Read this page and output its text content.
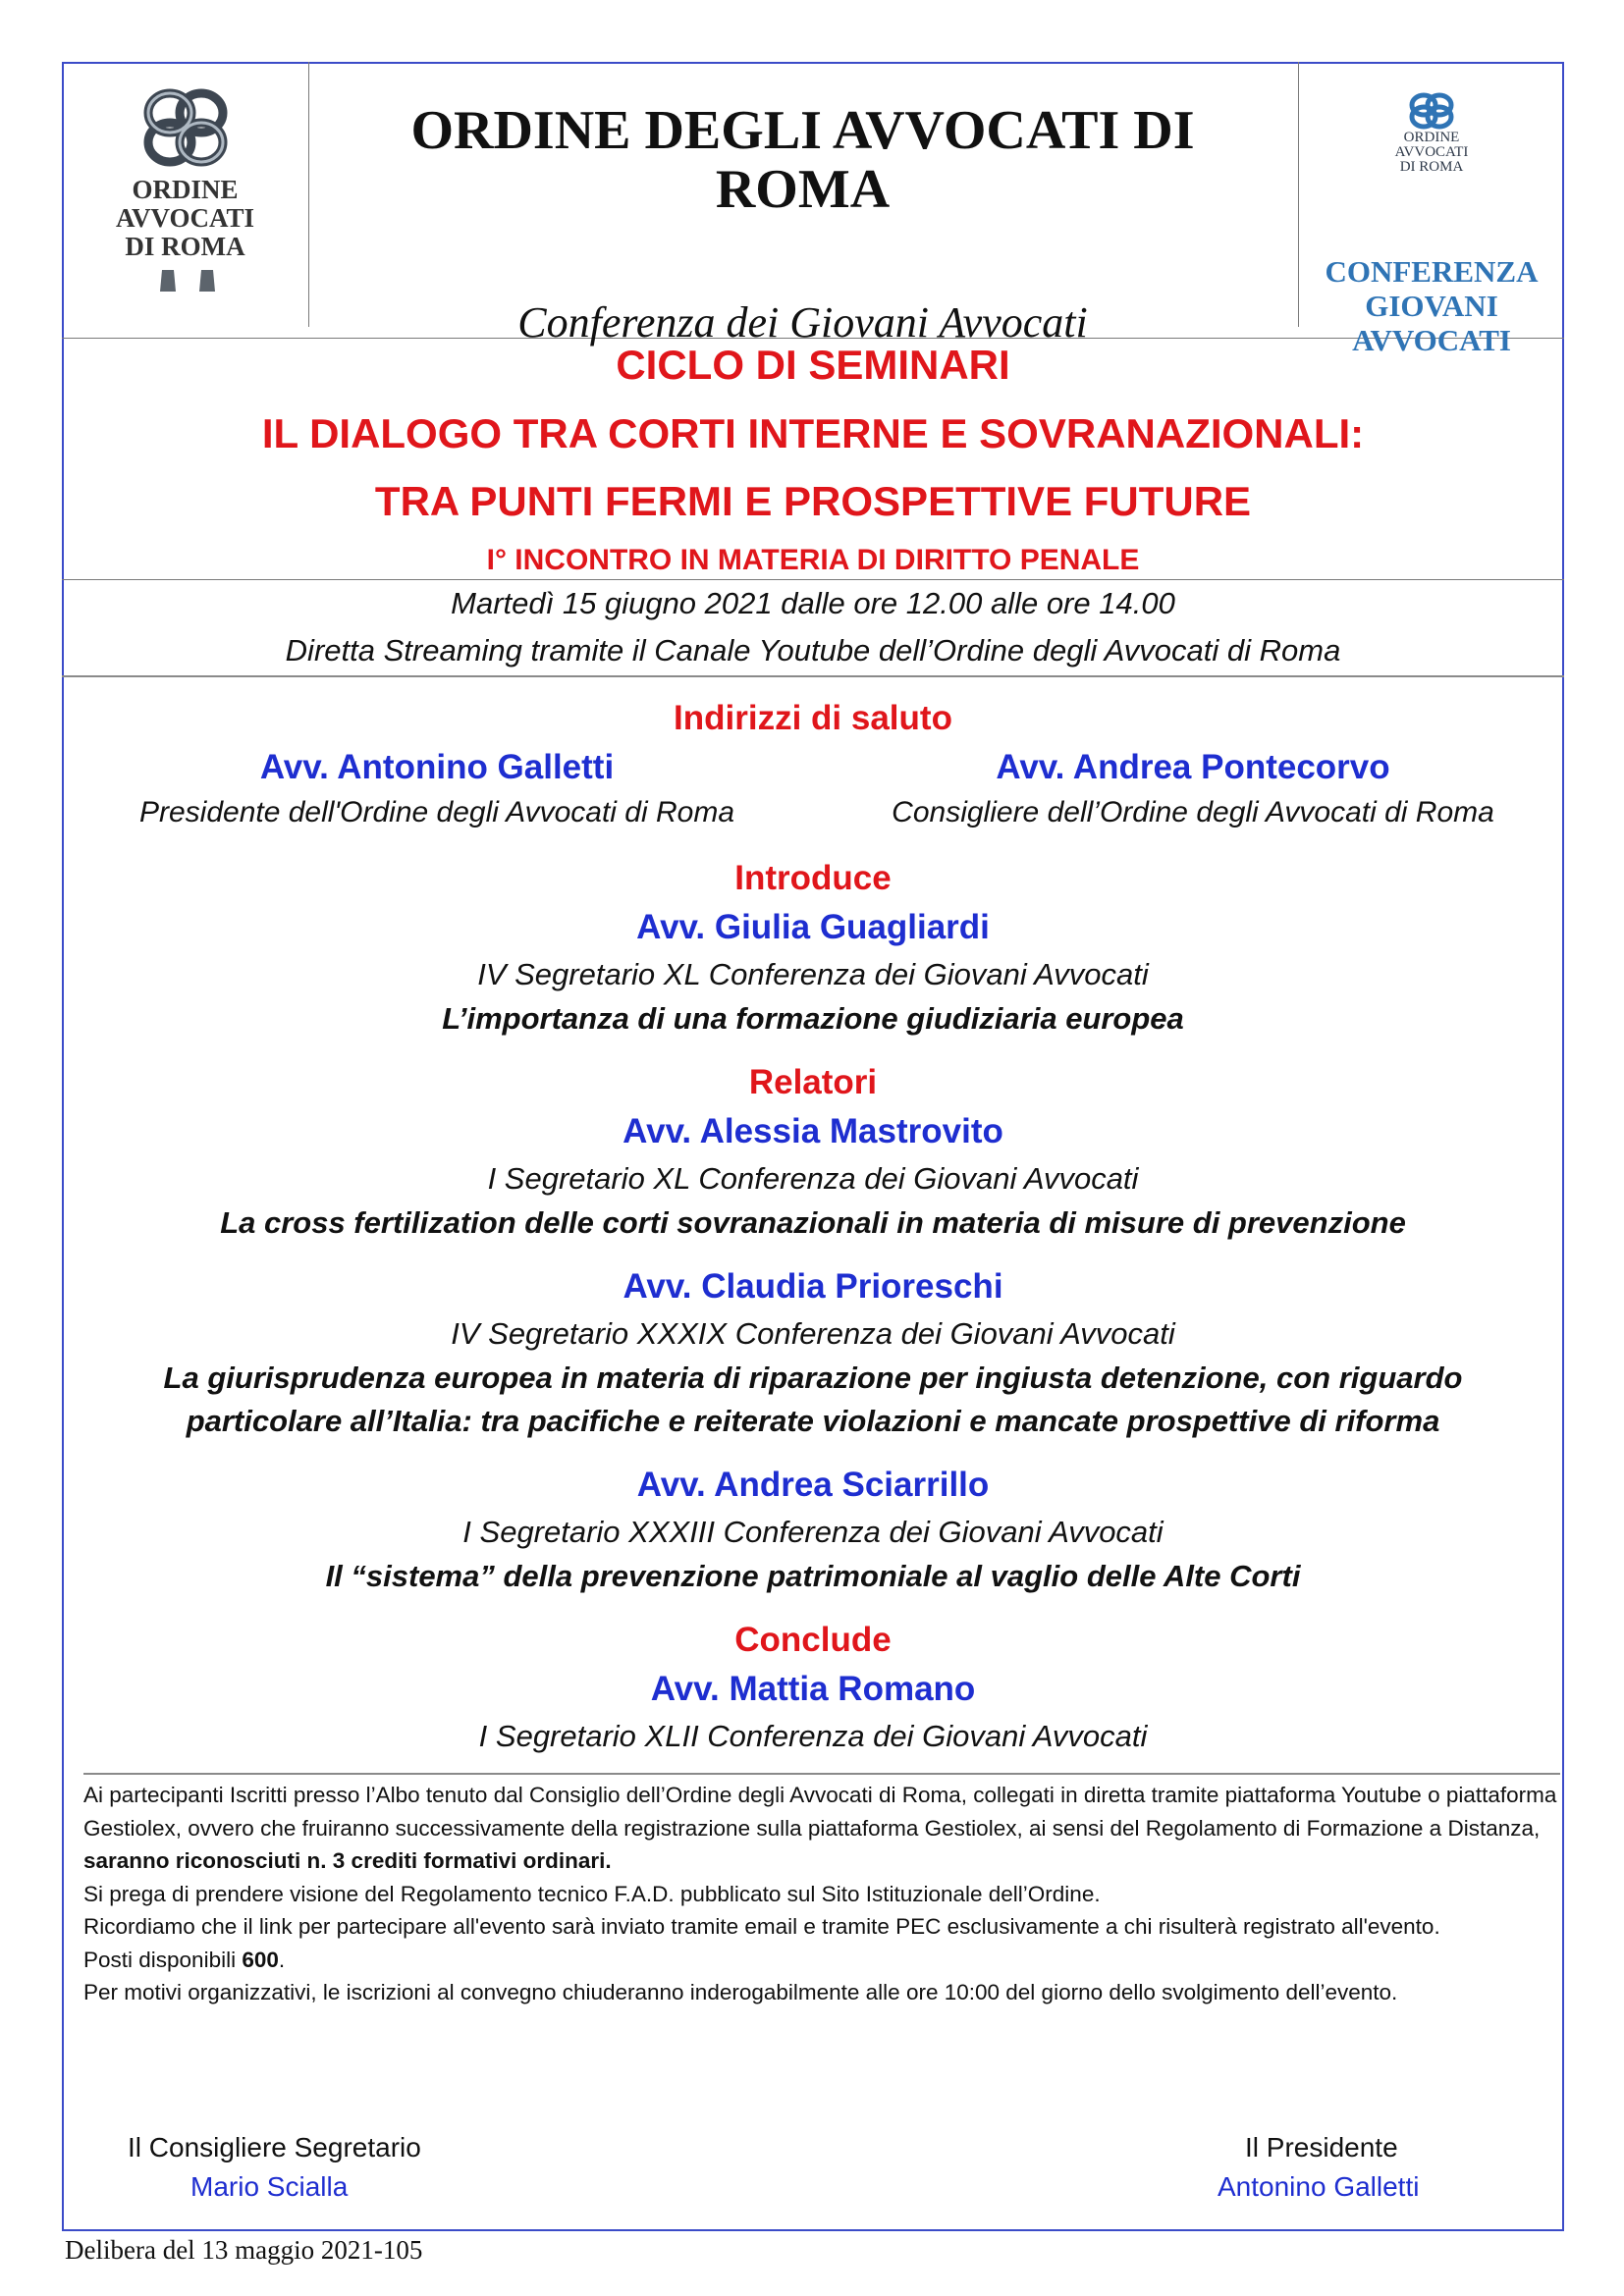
ORDINE
AVVOCATI
DI ROMA
ORDINE DEGLI AVVOCATI DI
ROMA
Conferenza dei Giovani Avvocati
ORDINE
AVVOCATI
DI ROMA
CONFERENZA
GIOVANI
AVVOCATI
CICLO DI SEMINARI
IL DIALOGO TRA CORTI INTERNE E SOVRANAZIONALI:
TRA PUNTI FERMI E PROSPETTIVE FUTURE
I° INCONTRO IN MATERIA DI DIRITTO PENALE
Martedì 15 giugno 2021 dalle ore 12.00 alle ore 14.00
Diretta Streaming tramite il Canale Youtube dell’Ordine degli Avvocati di Roma
Indirizzi di saluto
Avv. Antonino Galletti
Presidente dell'Ordine degli Avvocati di Roma
Avv. Andrea Pontecorvo
Consigliere dell’Ordine degli Avvocati di Roma
Introduce
Avv. Giulia Guagliardi
IV Segretario XL Conferenza dei Giovani Avvocati
L’importanza di una formazione giudiziaria europea
Relatori
Avv. Alessia Mastrovito
I Segretario XL Conferenza dei Giovani Avvocati
La cross fertilization delle corti sovranazionali in materia di misure di prevenzione
Avv. Claudia Prioreschi
IV Segretario XXXIX Conferenza dei Giovani Avvocati
La giurisprudenza europea in materia di riparazione per ingiusta detenzione, con riguardo
particolare all’Italia: tra pacifiche e reiterate violazioni e mancate prospettive di riforma
Avv. Andrea Sciarrillo
I Segretario XXXIII Conferenza dei Giovani Avvocati
Il “sistema” della prevenzione patrimoniale al vaglio delle Alte Corti
Conclude
Avv. Mattia Romano
I Segretario XLII Conferenza dei Giovani Avvocati

Ai partecipanti Iscritti presso l’Albo tenuto dal Consiglio dell’Ordine degli Avvocati di Roma, collegati in diretta tramite piattaforma Youtube o piattaforma Gestiolex, ovvero che fruiranno successivamente della registrazione sulla piattaforma Gestiolex, ai sensi del Regolamento di Formazione a Distanza, saranno riconosciuti n. 3 crediti formativi ordinari.

Si prega di prendere visione del Regolamento tecnico F.A.D. pubblicato sul Sito Istituzionale dell’Ordine.

Ricordiamo che il link per partecipare all'evento sarà inviato tramite email e tramite PEC esclusivamente a chi risulterà registrato all'evento.

Posti disponibili 600.

Per motivi organizzativi, le iscrizioni al convegno chiuderanno inderogabilmente alle ore 10:00 del giorno dello svolgimento dell’evento.

Il Consigliere Segretario
Mario Scialla
Il Presidente
Antonino Galletti
Delibera del 13 maggio 2021-105
